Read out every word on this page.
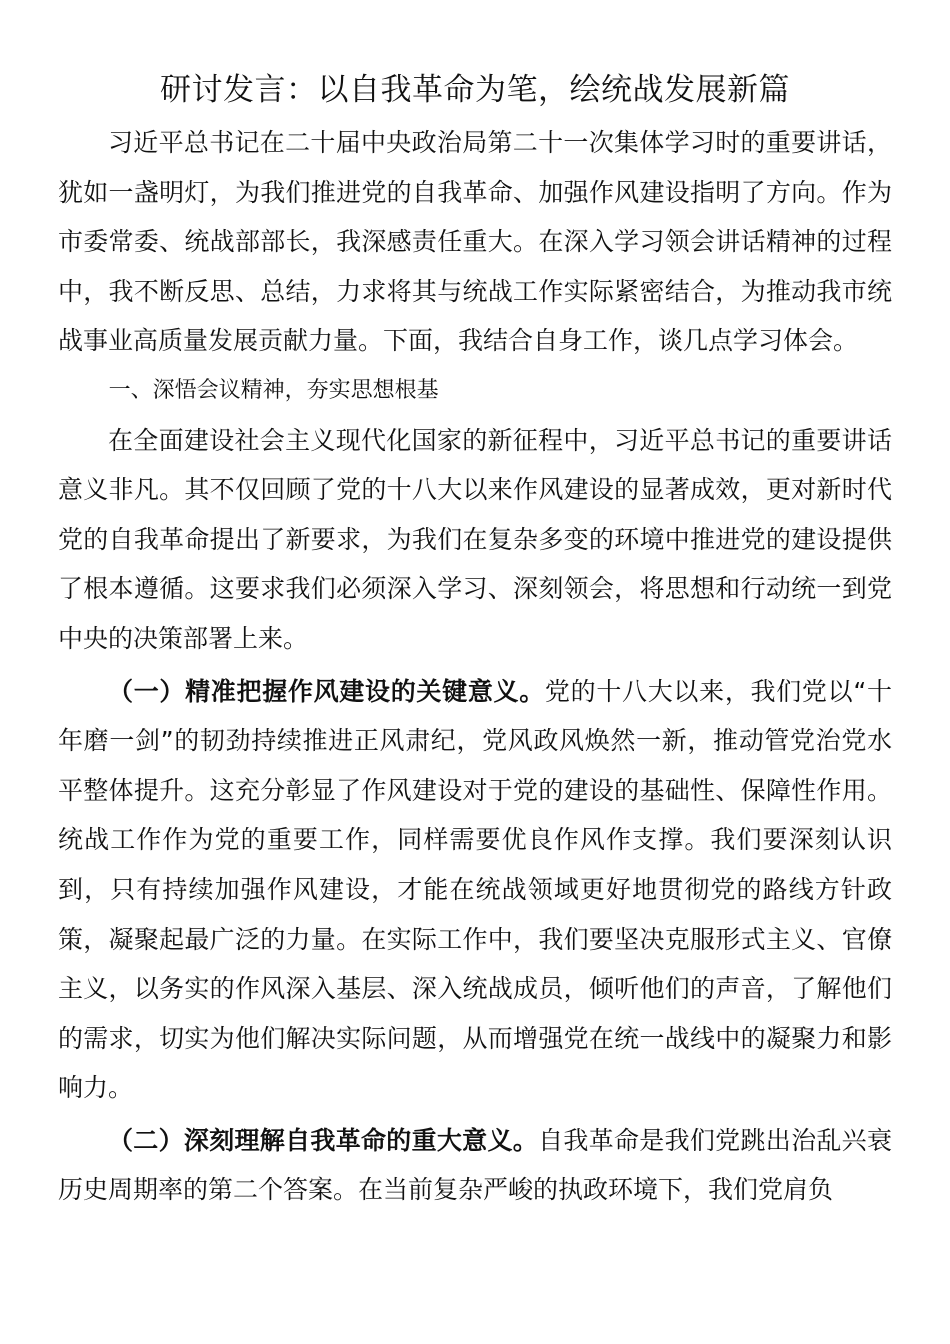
研讨发言：以自我革命为笔，绘统战发展新篇

习近平总书记在二十届中央政治局第二十一次集体学习时的重要讲话，犹如一盏明灯，为我们推进党的自我革命、加强作风建设指明了方向。作为市委常委、统战部部长，我深感责任重大。在深入学习领会讲话精神的过程中，我不断反思、总结，力求将其与统战工作实际紧密结合，为推动我市统战事业高质量发展贡献力量。下面，我结合自身工作，谈几点学习体会。

一、深悟会议精神，夯实思想根基

在全面建设社会主义现代化国家的新征程中，习近平总书记的重要讲话意义非凡。其不仅回顾了党的十八大以来作风建设的显著成效，更对新时代党的自我革命提出了新要求，为我们在复杂多变的环境中推进党的建设提供了根本遵循。这要求我们必须深入学习、深刻领会，将思想和行动统一到党中央的决策部署上来。

（一）精准把握作风建设的关键意义。党的十八大以来，我们党以“十年磨一剑”的韧劲持续推进正风肃纪，党风政风焕然一新，推动管党治党水平整体提升。这充分彰显了作风建设对于党的建设的基础性、保障性作用。统战工作作为党的重要工作，同样需要优良作风作支撑。我们要深刻认识到，只有持续加强作风建设，才能在统战领域更好地贯彻党的路线方针政策，凝聚起最广泛的力量。在实际工作中，我们要坚决克服形式主义、官僚主义，以务实的作风深入基层、深入统战成员，倾听他们的声音，了解他们的需求，切实为他们解决实际问题，从而增强党在统一战线中的凝聚力和影响力。

（二）深刻理解自我革命的重大意义。自我革命是我们党跳出治乱兴衰历史周期率的第二个答案。在当前复杂严峻的执政环境下，我们党肩负
